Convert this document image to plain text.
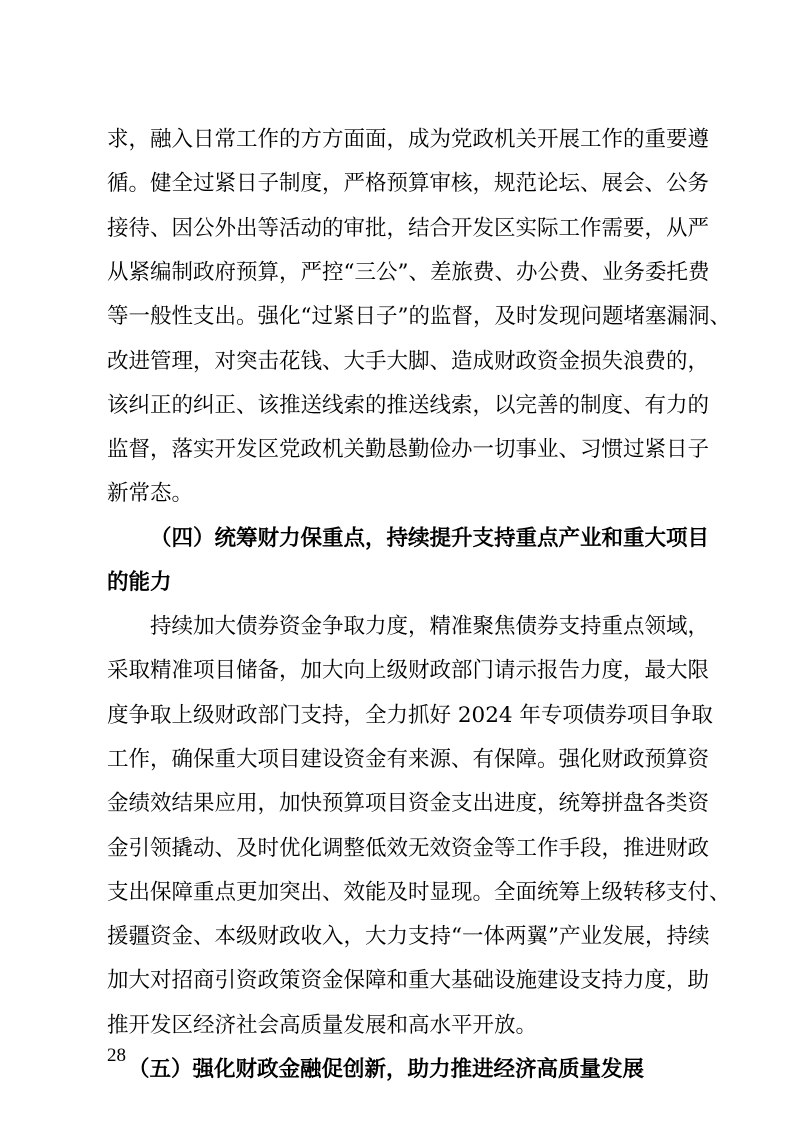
求，融入日常工作的方方面面，成为党政机关开展工作的重要遵
循。健全过紧日子制度，严格预算审核，规范论坛、展会、公务
接待、因公外出等活动的审批，结合开发区实际工作需要，从严
从紧编制政府预算，严控“三公”、差旅费、办公费、业务委托费
等一般性支出。强化“过紧日子”的监督，及时发现问题堵塞漏洞、
改进管理，对突击花钱、大手大脚、造成财政资金损失浪费的，
该纠正的纠正、该推送线索的推送线索，以完善的制度、有力的
监督，落实开发区党政机关勤恳勤俭办一切事业、习惯过紧日子
新常态。
（四）统筹财力保重点，持续提升支持重点产业和重大项目
的能力
持续加大债券资金争取力度，精准聚焦债券支持重点领域，
采取精准项目储备，加大向上级财政部门请示报告力度，最大限
度争取上级财政部门支持，全力抓好 2024 年专项债券项目争取
工作，确保重大项目建设资金有来源、有保障。强化财政预算资
金绩效结果应用，加快预算项目资金支出进度，统筹拼盘各类资
金引领撬动、及时优化调整低效无效资金等工作手段，推进财政
支出保障重点更加突出、效能及时显现。全面统筹上级转移支付、
援疆资金、本级财政收入，大力支持“一体两翼”产业发展，持续
加大对招商引资政策资金保障和重大基础设施建设支持力度，助
推开发区经济社会高质量发展和高水平开放。
（五）强化财政金融促创新，助力推进经济高质量发展
28
